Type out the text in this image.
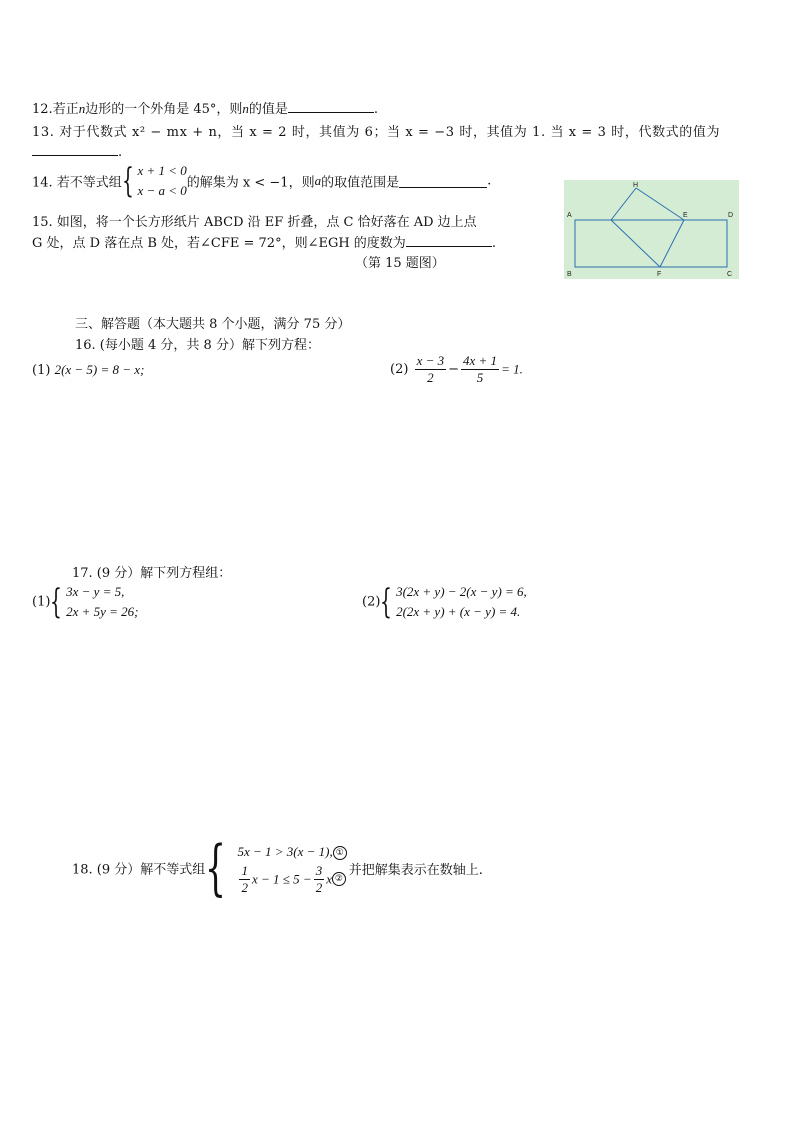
12.若正n边形的一个外角是 45°，则n的值是	.
13. 对于代数式 x² − mx + n，当 x = 2 时，其值为 6；当 x = −3 时，其值为 1. 当 x = 3 时，代数式的值为
.
14. 若不等式组{ x + 1 < 0
x − a < 0 的解集为 x < −1，则a的取值范围是	.
15. 如图，将一个长方形纸片 ABCD 沿 EF 折叠，点 C 恰好落在 AD 边上点
G 处，点 D 落在点 B 处，若∠CFE = 72°，则∠EGH 的度数为	.
（第 15 题图）
H
A	E	D
B	F	C
三、解答题（本大题共 8 个小题，满分 75 分）
16. (每小题 4 分，共 8 分）解下列方程：
(1) 2(x − 5) = 8 − x;	$(2) \frac{x - 3}{2} - \frac{4x + 1}{5} = 1$.
17. (9 分）解下列方程组：
(1){ 3x − y = 5,
2x + 5y = 26;
(2){ 3(2x + y) − 2(x − y) = 6,
2(2x + y) + (x − y) = 4.
18. (9 分）解不等式组{ 5x − 1 > 3(x − 1), ①
$\frac{1}{2}$ $x - 1 \le 5 - \frac{3}{2}$ x ②
并把解集表示在数轴上.
